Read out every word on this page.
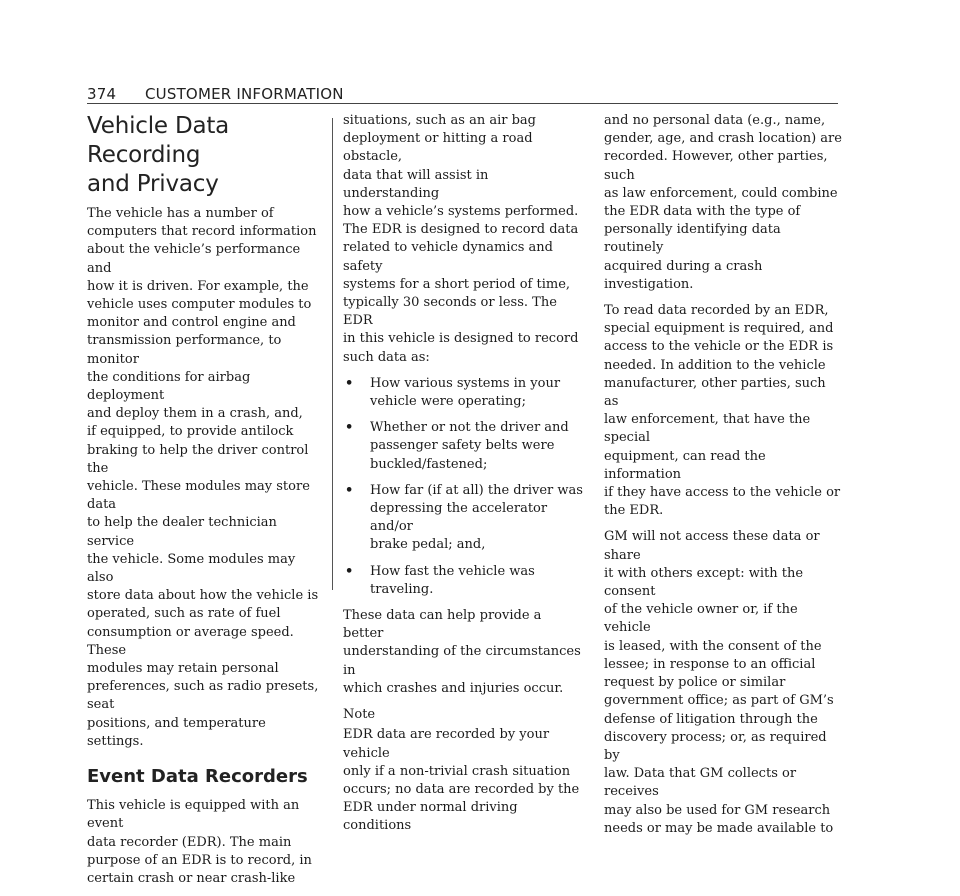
374 CUSTOMER INFORMATION
Vehicle Data Recording
and Privacy

The vehicle has a number of
computers that record information
about the vehicle’s performance and
how it is driven. For example, the
vehicle uses computer modules to
monitor and control engine and
transmission performance, to monitor
the conditions for airbag deployment
and deploy them in a crash, and,
if equipped, to provide antilock
braking to help the driver control the
vehicle. These modules may store data
to help the dealer technician service
the vehicle. Some modules may also
store data about how the vehicle is
operated, such as rate of fuel
consumption or average speed. These
modules may retain personal
preferences, such as radio presets, seat
positions, and temperature settings.

Event Data Recorders

This vehicle is equipped with an event
data recorder (EDR). The main
purpose of an EDR is to record, in
certain crash or near crash-like

situations, such as an air bag
deployment or hitting a road obstacle,
data that will assist in understanding
how a vehicle’s systems performed.
The EDR is designed to record data
related to vehicle dynamics and safety
systems for a short period of time,
typically 30 seconds or less. The EDR
in this vehicle is designed to record
such data as:

•	How various systems in your
vehicle were operating;
•	Whether or not the driver and
passenger safety belts were
buckled/fastened;
•	How far (if at all) the driver was
depressing the accelerator and/or
brake pedal; and,
•	How fast the vehicle was traveling.

These data can help provide a better
understanding of the circumstances in
which crashes and injuries occur.

Note

EDR data are recorded by your vehicle
only if a non-trivial crash situation
occurs; no data are recorded by the
EDR under normal driving conditions

and no personal data (e.g., name,
gender, age, and crash location) are
recorded. However, other parties, such
as law enforcement, could combine
the EDR data with the type of
personally identifying data routinely
acquired during a crash investigation.

To read data recorded by an EDR,
special equipment is required, and
access to the vehicle or the EDR is
needed. In addition to the vehicle
manufacturer, other parties, such as
law enforcement, that have the special
equipment, can read the information
if they have access to the vehicle or
the EDR.

GM will not access these data or share
it with others except: with the consent
of the vehicle owner or, if the vehicle
is leased, with the consent of the
lessee; in response to an official
request by police or similar
government office; as part of GM’s
defense of litigation through the
discovery process; or, as required by
law. Data that GM collects or receives
may also be used for GM research
needs or may be made available to
